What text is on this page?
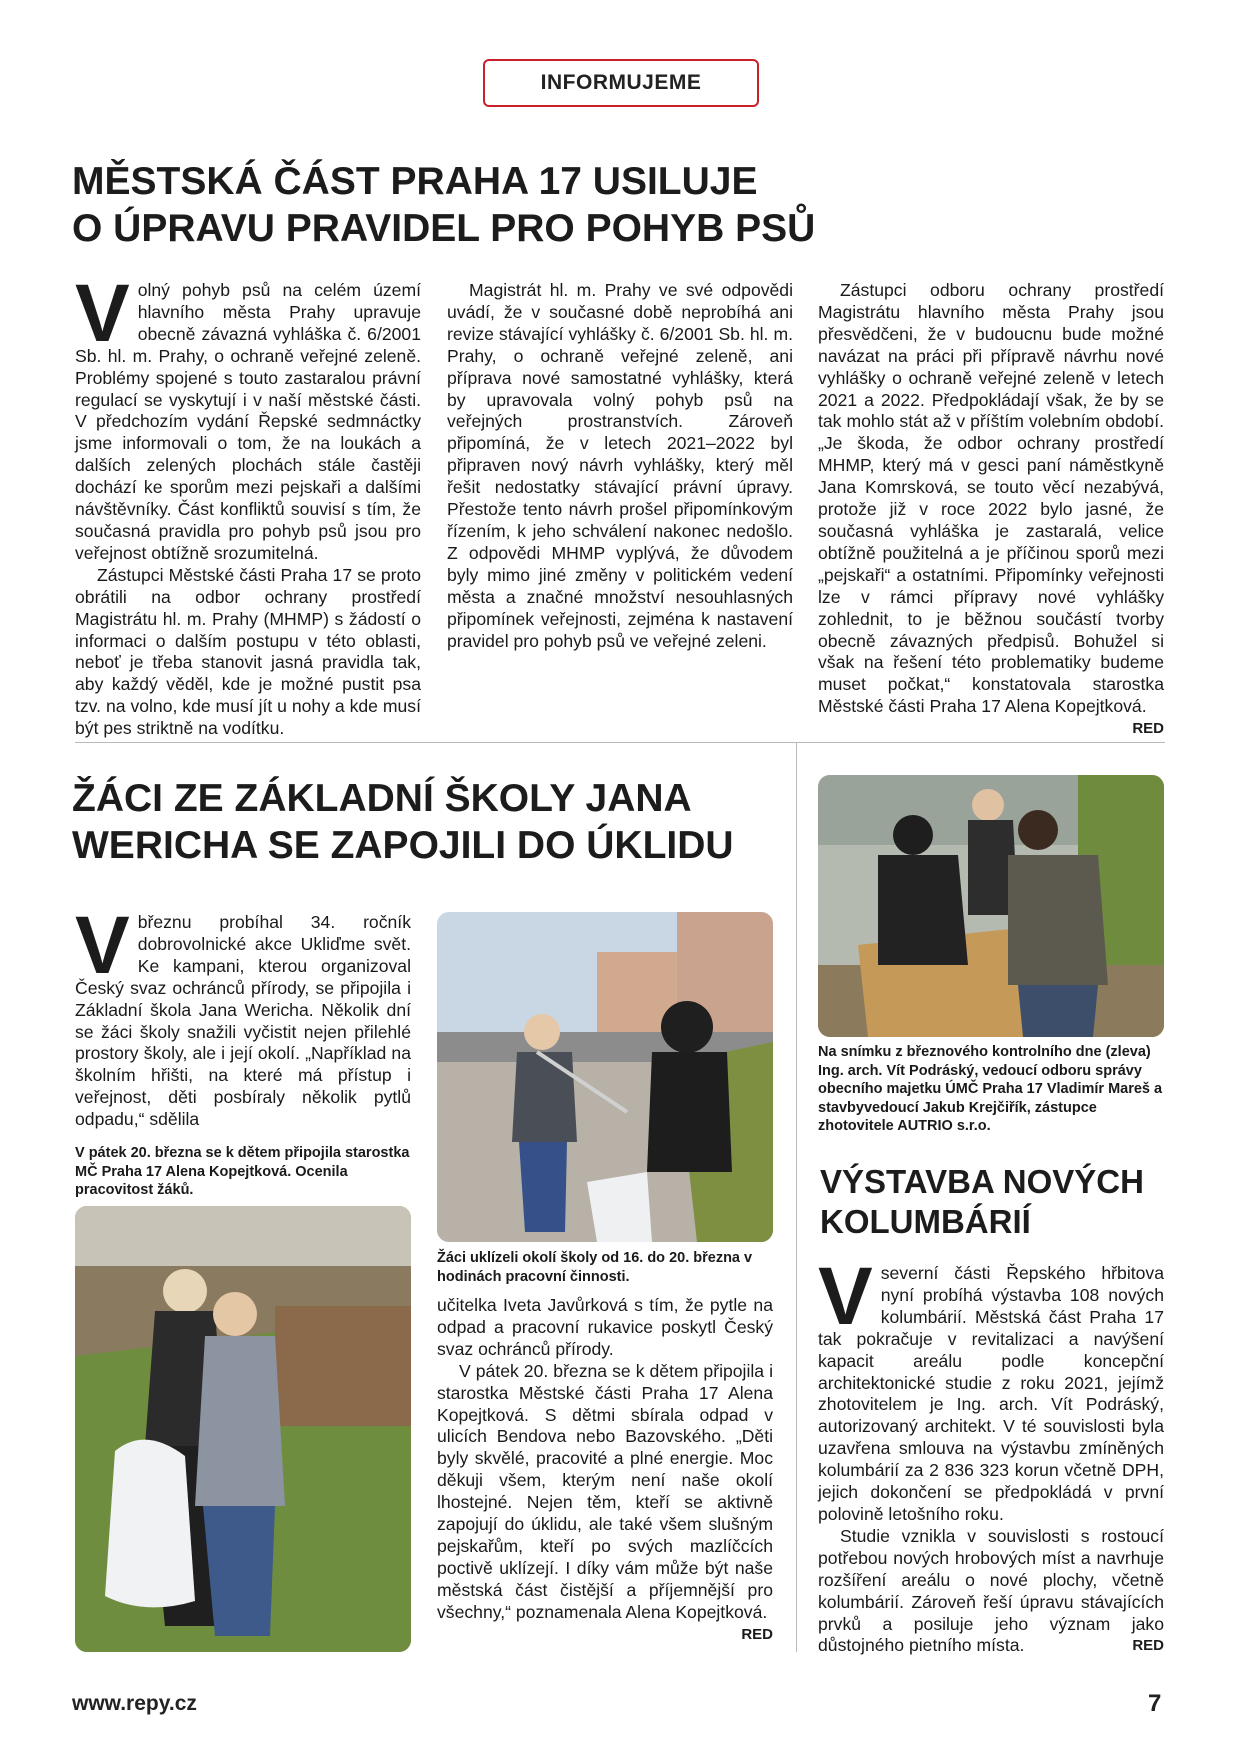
INFORMUJEME
MĚSTSKÁ ČÁST PRAHA 17 USILUJE
O ÚPRAVU PRAVIDEL PRO POHYB PSŮ

Volný pohyb psů na celém území hlavního města Prahy upravuje obecně závazná vyhláška č. 6/2001 Sb. hl. m. Prahy, o ochraně veřejné zeleně. Problémy spojené s touto zastaralou právní regulací se vyskytují i v naší městské části. V předchozím vydání Řepské sedmnáctky jsme informovali o tom, že na loukách a dalších zelených plochách stále častěji dochází ke sporům mezi pejskaři a dalšími návštěvníky. Část konfliktů souvisí s tím, že současná pravidla pro pohyb psů jsou pro veřejnost obtížně srozumitelná.

Zástupci Městské části Praha 17 se proto obrátili na odbor ochrany prostředí Magistrátu hl. m. Prahy (MHMP) s žádostí o informaci o dalším postupu v této oblasti, neboť je třeba stanovit jasná pravidla tak, aby každý věděl, kde je možné pustit psa tzv. na volno, kde musí jít u nohy a kde musí být pes striktně na vodítku.

Magistrát hl. m. Prahy ve své odpovědi uvádí, že v současné době neprobíhá ani revize stávající vyhlášky č. 6/2001 Sb. hl. m. Prahy, o ochraně veřejné zeleně, ani příprava nové samostatné vyhlášky, která by upravovala volný pohyb psů na veřejných prostranstvích. Zároveň připomíná, že v letech 2021–2022 byl připraven nový návrh vyhlášky, který měl řešit nedostatky stávající právní úpravy. Přestože tento návrh prošel připomínkovým řízením, k jeho schválení nakonec nedošlo. Z odpovědi MHMP vyplývá, že důvodem byly mimo jiné změny v politickém vedení města a značné množství nesouhlasných připomínek veřejnosti, zejména k nastavení pravidel pro pohyb psů ve veřejné zeleni.

Zástupci odboru ochrany prostředí Magistrátu hlavního města Prahy jsou přesvědčeni, že v budoucnu bude možné navázat na práci při přípravě návrhu nové vyhlášky o ochraně veřejné zeleně v letech 2021 a 2022. Předpokládají však, že by se tak mohlo stát až v příštím volebním období. „Je škoda, že odbor ochrany prostředí MHMP, který má v gesci paní náměstkyně Jana Komrsková, se touto věcí nezabývá, protože již v roce 2022 bylo jasné, že současná vyhláška je zastaralá, velice obtížně použitelná a je příčinou sporů mezi „pejskaři“ a ostatními. Připomínky veřejnosti lze v rámci přípravy nové vyhlášky zohlednit, to je běžnou součástí tvorby obecně závazných předpisů. Bohužel si však na řešení této problematiky budeme muset počkat,“ konstatovala starostka Městské části Praha 17 Alena Kopejtková.
RED

ŽÁCI ZE ZÁKLADNÍ ŠKOLY JANA
WERICHA SE ZAPOJILI DO ÚKLIDU

Vbřeznu probíhal 34. ročník dobrovolnické akce Ukliďme svět. Ke kampani, kterou organizoval Český svaz ochránců přírody, se připojila i Základní škola Jana Wericha. Několik dní se žáci školy snažili vyčistit nejen přilehlé prostory školy, ale i její okolí. „Například na školním hřišti, na které má přístup i veřejnost, děti posbíraly několik pytlů odpadu,“ sdělila

V pátek 20. března se k dětem připojila starostka MČ Praha 17 Alena Kopejtková. Ocenila pracovitost žáků.
Žáci uklízeli okolí školy od 16. do 20. března v hodinách pracovní činnosti.

učitelka Iveta Javůrková s tím, že pytle na odpad a pracovní rukavice poskytl Český svaz ochránců přírody.

V pátek 20. března se k dětem připojila i starostka Městské části Praha 17 Alena Kopejtková. S dětmi sbírala odpad v ulicích Bendova nebo Bazovského. „Děti byly skvělé, pracovité a plné energie. Moc děkuji všem, kterým není naše okolí lhostejné. Nejen těm, kteří se aktivně zapojují do úklidu, ale také všem slušným pejskařům, kteří po svých mazlíčcích poctivě uklízejí. I díky vám může být naše městská část čistější a příjemnější pro všechny,“ poznamenala Alena Kopejtková.
RED

Na snímku z březnového kontrolního dne (zleva) Ing. arch. Vít Podráský, vedoucí odboru správy obecního majetku ÚMČ Praha 17 Vladimír Mareš a stavbyvedoucí Jakub Krejčiřík, zástupce zhotovitele AUTRIO s.r.o.
VÝSTAVBA NOVÝCH
KOLUMBÁRIÍ

Vseverní části Řepského hřbitova nyní probíhá výstavba 108 nových kolumbárií. Městská část Praha 17 tak pokračuje v revitalizaci a navýšení kapacit areálu podle koncepční architektonické studie z roku 2021, jejímž zhotovitelem je Ing. arch. Vít Podráský, autorizovaný architekt. V té souvislosti byla uzavřena smlouva na výstavbu zmíněných kolumbárií za 2 836 323 korun včetně DPH, jejich dokončení se předpokládá v první polovině letošního roku.

Studie vznikla v souvislosti s rostoucí potřebou nových hrobových míst a navrhuje rozšíření areálu o nové plochy, včetně kolumbárií. Zároveň řeší úpravu stávajících prvků a posiluje jeho význam jako důstojného pietního místa.	RED

www.repy.cz	7
